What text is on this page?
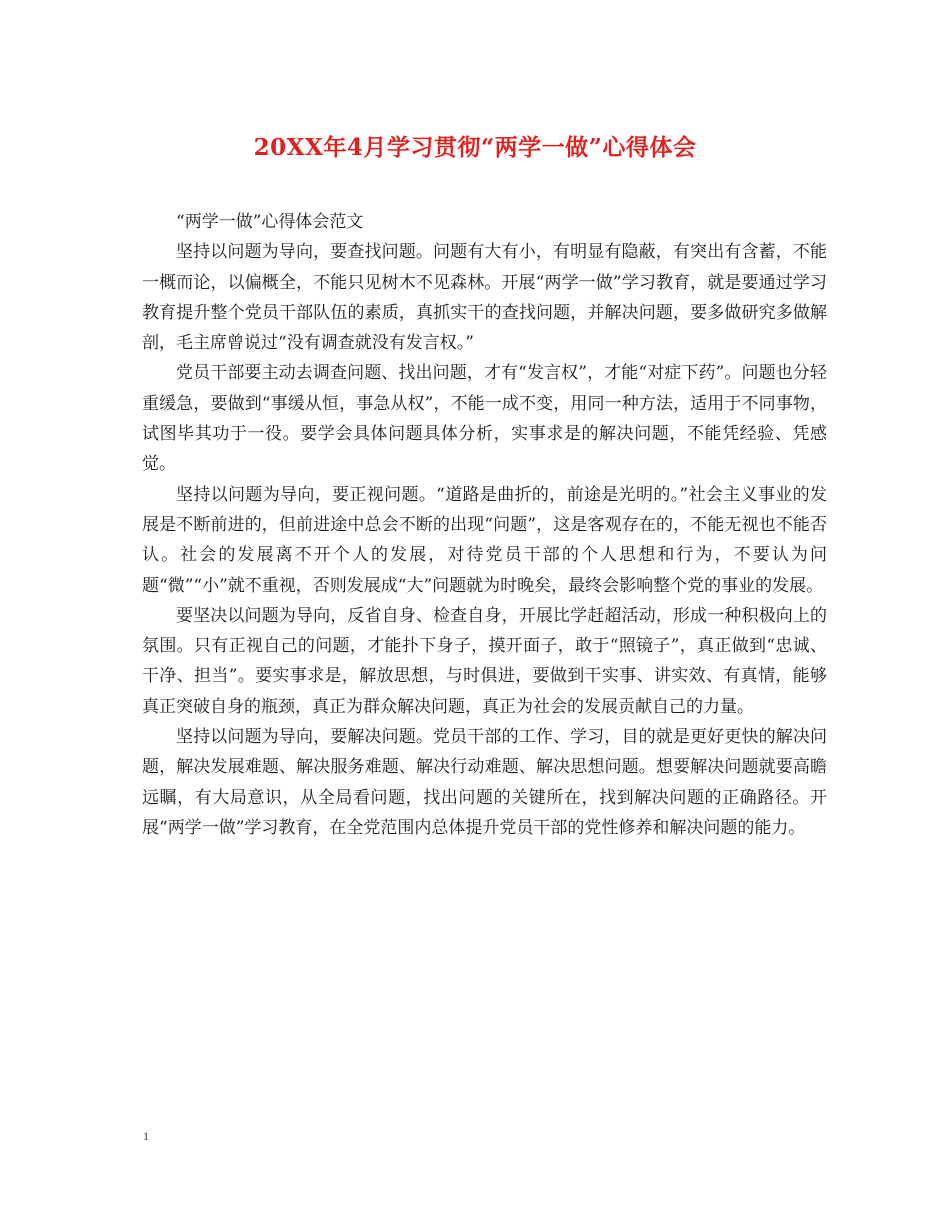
20XX年4月学习贯彻“两学一做”心得体会

“两学一做”心得体会范文

坚持以问题为导向，要查找问题。问题有大有小，有明显有隐蔽，有突出有含蓄，不能一概而论，以偏概全，不能只见树木不见森林。开展“两学一做”学习教育，就是要通过学习教育提升整个党员干部队伍的素质，真抓实干的查找问题，并解决问题，要多做研究多做解剖，毛主席曾说过“没有调查就没有发言权。”

党员干部要主动去调查问题、找出问题，才有“发言权”，才能“对症下药”。问题也分轻重缓急，要做到“事缓从恒，事急从权”，不能一成不变，用同一种方法，适用于不同事物，试图毕其功于一役。要学会具体问题具体分析，实事求是的解决问题，不能凭经验、凭感觉。

坚持以问题为导向，要正视问题。“道路是曲折的，前途是光明的。”社会主义事业的发展是不断前进的，但前进途中总会不断的出现“问题”，这是客观存在的，不能无视也不能否认。社会的发展离不开个人的发展，对待党员干部的个人思想和行为，不要认为问题“微”“小”就不重视，否则发展成“大”问题就为时晚矣，最终会影响整个党的事业的发展。

要坚决以问题为导向，反省自身、检查自身，开展比学赶超活动，形成一种积极向上的氛围。只有正视自己的问题，才能扑下身子，摸开面子，敢于“照镜子”，真正做到“忠诚、干净、担当”。要实事求是，解放思想，与时俱进，要做到干实事、讲实效、有真情，能够真正突破自身的瓶颈，真正为群众解决问题，真正为社会的发展贡献自己的力量。

坚持以问题为导向，要解决问题。党员干部的工作、学习，目的就是更好更快的解决问题，解决发展难题、解决服务难题、解决行动难题、解决思想问题。想要解决问题就要高瞻远瞩，有大局意识，从全局看问题，找出问题的关键所在，找到解决问题的正确路径。开展“两学一做”学习教育，在全党范围内总体提升党员干部的党性修养和解决问题的能力。

1
